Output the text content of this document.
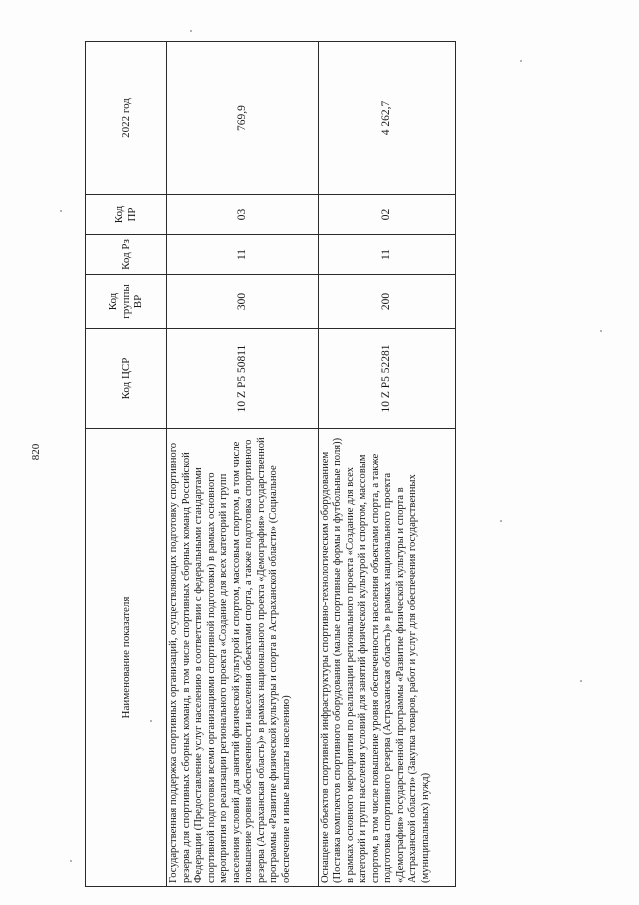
820
Наименование показателя	Код ЦСР	Код группы ВР	Код Рз	Код ПР	2022 год
Государственная поддержка спортивных организаций, осуществляющих подготовку спортивного резерва для спортивных сборных команд, в том числе спортивных сборных команд Российской Федерации (Предоставление услуг населению в соответствии с федеральными стандартами спортивной подготовки всеми организациями спортивной подготовки) в рамках основного мероприятия по реализации регионального проекта «Создание для всех категорий и групп населения условий для занятий физической культурой и спортом, массовым спортом, в том числе повышение уровня обеспеченности населения объектами спорта, а также подготовка спортивного резерва (Астраханская область)» в рамках национального проекта «Демография» государственной программы «Развитие физической культуры и спорта в Астраханской области» (Социальное обеспечение и иные выплаты населению)	10 Z P5 50811	300	11	03	769,9
Оснащение объектов спортивной инфраструктуры спортивно-технологическим оборудованием (Поставка комплектов спортивного оборудования (малые спортивные формы и футбольные поля)) в рамках основного мероприятия по реализации регионального проекта «Создание для всех категорий и групп населения условий для занятий физической культурой и спортом, массовым спортом, в том числе повышение уровня обеспеченности населения объектами спорта, а также подготовка спортивного резерва (Астраханская область)» в рамках национального проекта «Демография» государственной программы «Развитие физической культуры и спорта в Астраханской области» (Закупка товаров, работ и услуг для обеспечения государственных (муниципальных) нужд)	10 Z P5 52281	200	11	02	4 262,7
